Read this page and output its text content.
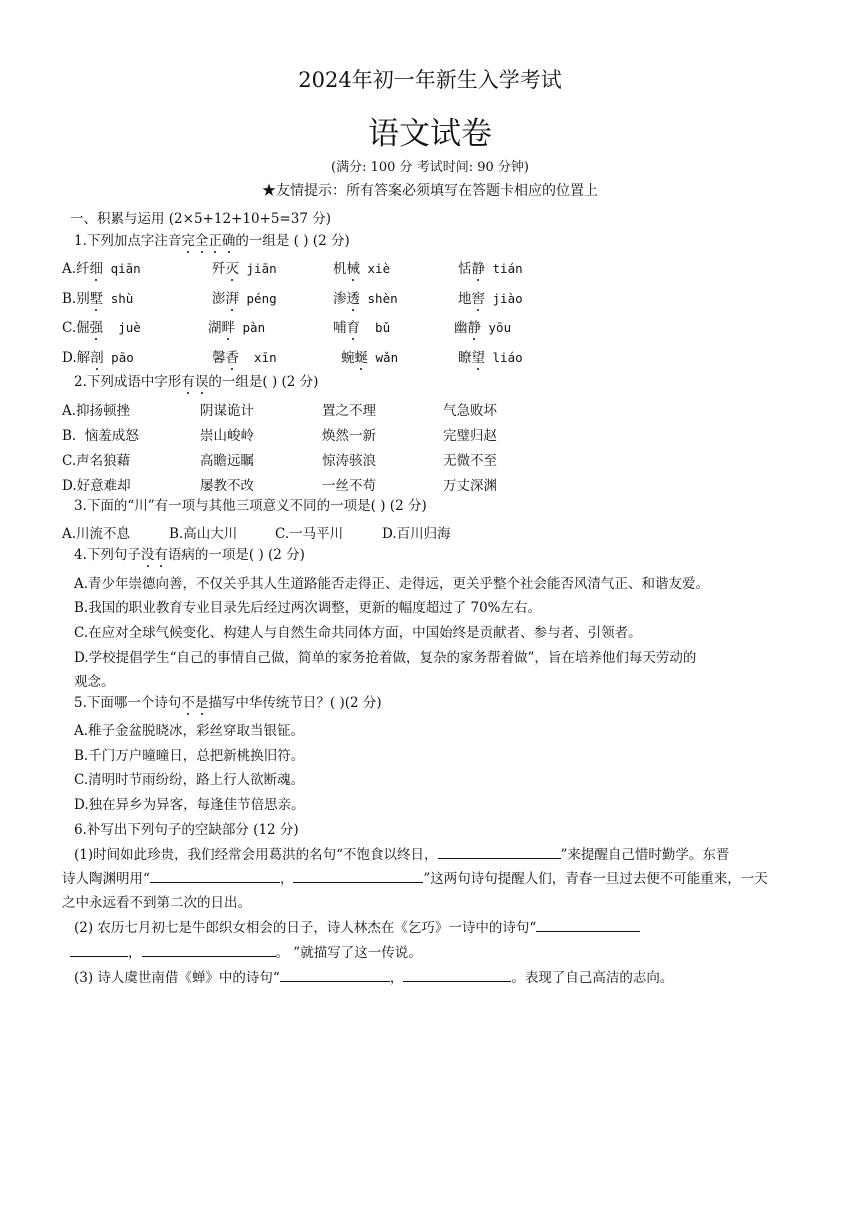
2024年初一年新生入学考试
语文试卷
(满分: 100 分 考试时间: 90 分钟)
★友情提示：所有答案必须填写在答题卡相应的位置上
一、积累与运用 (2×5+12+10+5=37 分)
1.下列加点字注音完全正确的一组是 ( ) (2 分)
A.纤细 qiān	歼灭 jiān	机械 xiè	恬静 tián
B.别墅 shù	澎湃 péng	渗透 shèn	地窖 jiào
C.倔强  juè	湖畔 pàn	哺育  bǔ	幽静 yōu
D.解剖 pāo	馨香  xīn	蜿蜒 wǎn	瞭望 liáo
2.下列成语中字形有误的一组是( ) (2 分)
A.抑扬顿挫	阴谋诡计	置之不理	气急败坏
B.  恼羞成怒	崇山峻岭	焕然一新	完璧归赵
C.声名狼藉	高瞻远瞩	惊涛骇浪	无微不至
D.好意难却	屡教不改	一丝不苟	万丈深渊
3.下面的“川”有一项与其他三项意义不同的一项是( ) (2 分)
A.川流不息	B.高山大川	C.一马平川	D.百川归海
4.下列句子没有语病的一项是( ) (2 分)
A.青少年崇德向善，不仅关乎其人生道路能否走得正、走得远，更关乎整个社会能否风清气正、和谐友爱。
B.我国的职业教育专业目录先后经过两次调整，更新的幅度超过了 70%左右。
C.在应对全球气候变化、构建人与自然生命共同体方面，中国始终是贡献者、参与者、引领者。
D.学校提倡学生“自己的事情自己做，简单的家务抢着做，复杂的家务帮着做”，旨在培养他们每天劳动的
观念。
5.下面哪一个诗句不是描写中华传统节日？( )(2 分)
A.稚子金盆脱晓冰，彩丝穿取当银钲。
B.千门万户曈曈日，总把新桃换旧符。
C.清明时节雨纷纷，路上行人欲断魂。
D.独在异乡为异客，每逢佳节倍思亲。
6.补写出下列句子的空缺部分 (12 分)
(1)时间如此珍贵，我们经常会用葛洪的名句“不饱食以终日，	”来提醒自己惜时勤学。东晋
诗人陶渊明用“	，	”这两句诗句提醒人们，青春一旦过去便不可能重来，一天
之中永远看不到第二次的日出。
(2) 农历七月初七是牛郎织女相会的日子，诗人林杰在《乞巧》一诗中的诗句“
，	。 ”就描写了这一传说。
(3) 诗人虞世南借《蝉》中的诗句“	，	。表现了自己高洁的志向。
